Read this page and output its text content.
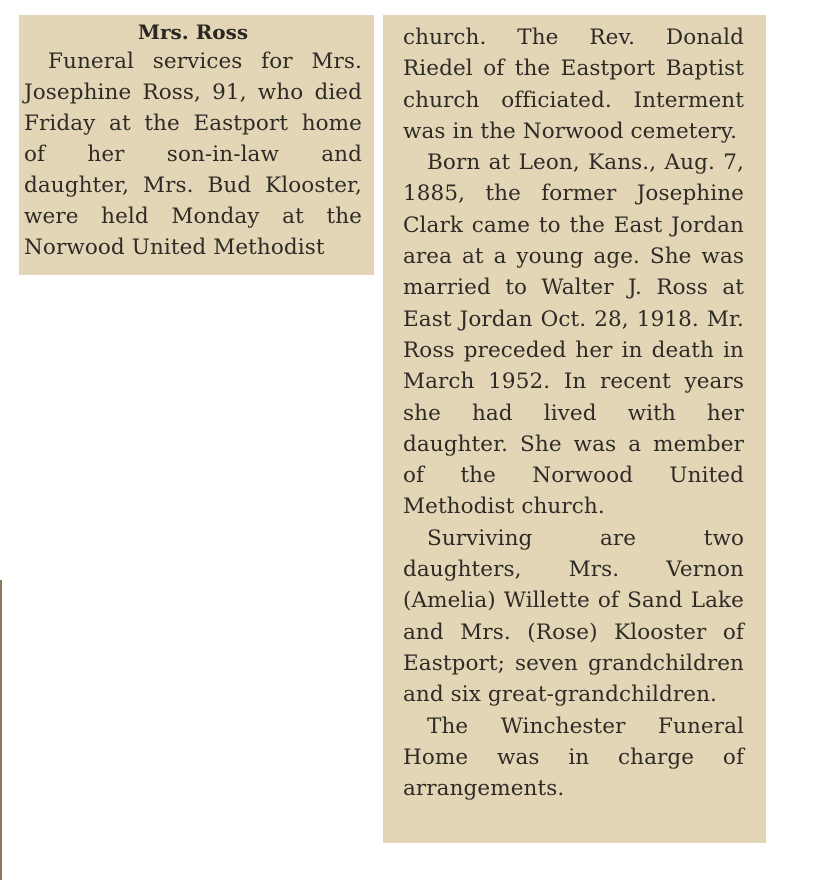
Mrs. Ross

Funeral services for Mrs. Josephine Ross, 91, who died Friday at the Eastport home of her son-in-law and daughter, Mrs. Bud Klooster, were held Monday at the Norwood United Methodist

church. The Rev. Donald Riedel of the Eastport Baptist church officiated. Interment was in the Norwood cemetery.

Born at Leon, Kans., Aug. 7, 1885, the former Josephine Clark came to the East Jordan area at a young age. She was married to Walter J. Ross at East Jordan Oct. 28, 1918. Mr. Ross preceded her in death in March 1952. In recent years she had lived with her daughter. She was a member of the Norwood United Methodist church.

Surviving are two daughters, Mrs. Vernon (Amelia) Willette of Sand Lake and Mrs. (Rose) Klooster of Eastport; seven grandchildren and six great-grandchildren.

The Winchester Funeral Home was in charge of arrangements.
